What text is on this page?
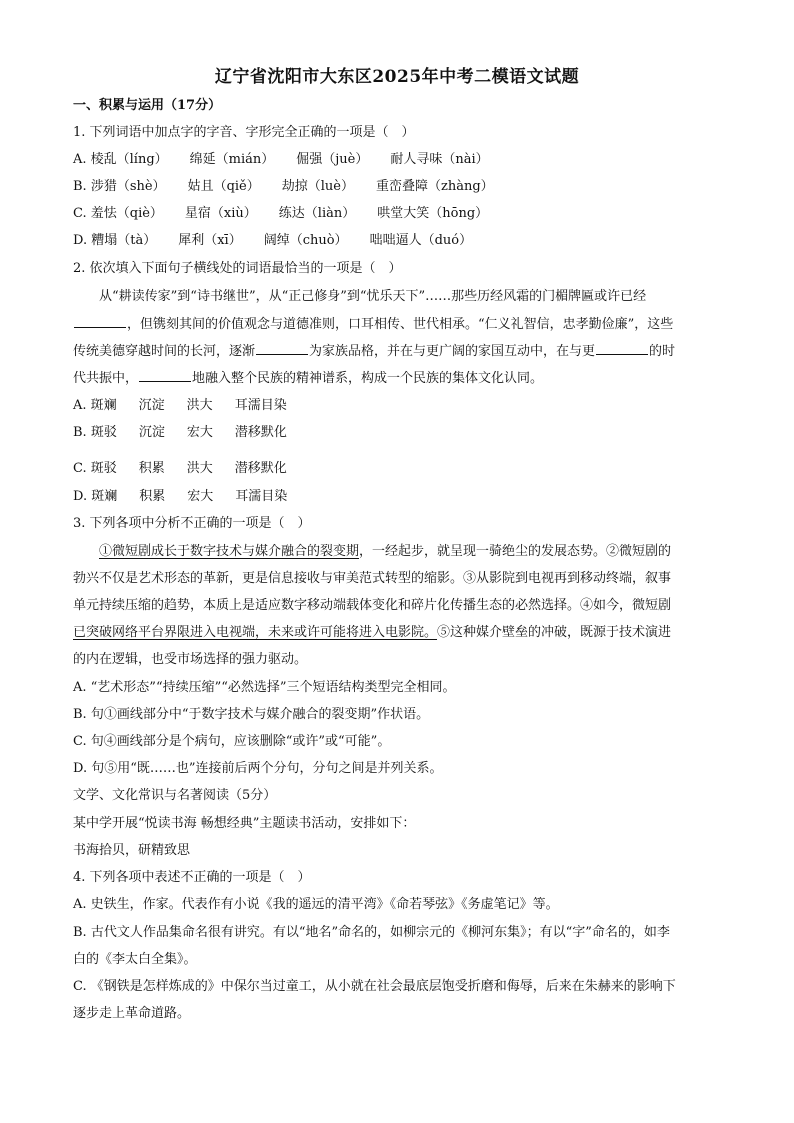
辽宁省沈阳市大东区2025年中考二模语文试题
一、积累与运用（17分）
1. 下列词语中加点字的字音、字形完全正确的一项是（　）
A. 棱乱（líng） 绵延（mián） 倔强（juè） 耐人寻味（nài）
B. 涉猎（shè） 姑且（qiě） 劫掠（luè） 重峦叠障（zhàng）
C. 羞怯（qiè） 星宿（xiù） 练达（liàn） 哄堂大笑（hōng）
D. 糟塌（tà） 犀利（xī） 阔绰（chuò） 咄咄逼人（duó）
2. 依次填入下面句子横线处的词语最恰当的一项是（　）
从“耕读传家”到“诗书继世”，从“正己修身”到“忧乐天下”……那些历经风霜的门楣牌匾或许已经
，但镌刻其间的价值观念与道德准则，口耳相传、世代相承。“仁义礼智信，忠孝勤俭廉”，这些
传统美德穿越时间的长河，逐渐	为家族品格，并在与更广阔的家国互动中，在与更	的时
代共振中，	地融入整个民族的精神谱系，构成一个民族的集体文化认同。
A. 斑斓 沉淀 洪大 耳濡目染
B. 斑驳 沉淀 宏大 潜移默化
C. 斑驳 积累 洪大 潜移默化
D. 斑斓 积累 宏大 耳濡目染
3. 下列各项中分析不正确的一项是（　）
①微短剧成长于数字技术与媒介融合的裂变期，一经起步，就呈现一骑绝尘的发展态势。②微短剧的
勃兴不仅是艺术形态的革新，更是信息接收与审美范式转型的缩影。③从影院到电视再到移动终端，叙事
单元持续压缩的趋势，本质上是适应数字移动端载体变化和碎片化传播生态的必然选择。④如今，微短剧
已突破网络平台界限进入电视端，未来或许可能将进入电影院。⑤这种媒介壁垒的冲破，既源于技术演进
的内在逻辑，也受市场选择的强力驱动。
A. “艺术形态”“持续压缩”“必然选择”三个短语结构类型完全相同。
B. 句①画线部分中“于数字技术与媒介融合的裂变期”作状语。
C. 句④画线部分是个病句，应该删除“或许”或“可能”。
D. 句⑤用“既……也”连接前后两个分句，分句之间是并列关系。
文学、文化常识与名著阅读（5分）
某中学开展“悦读书海 畅想经典”主题读书活动，安排如下：
书海拾贝，研精致思
4. 下列各项中表述不正确的一项是（　）
A. 史铁生，作家。代表作有小说《我的遥远的清平湾》《命若琴弦》《务虚笔记》等。
B. 古代文人作品集命名很有讲究。有以“地名”命名的，如柳宗元的《柳河东集》；有以“字”命名的，如李
白的《李太白全集》。
C. 《钢铁是怎样炼成的》中保尔当过童工，从小就在社会最底层饱受折磨和侮辱，后来在朱赫来的影响下
逐步走上革命道路。
